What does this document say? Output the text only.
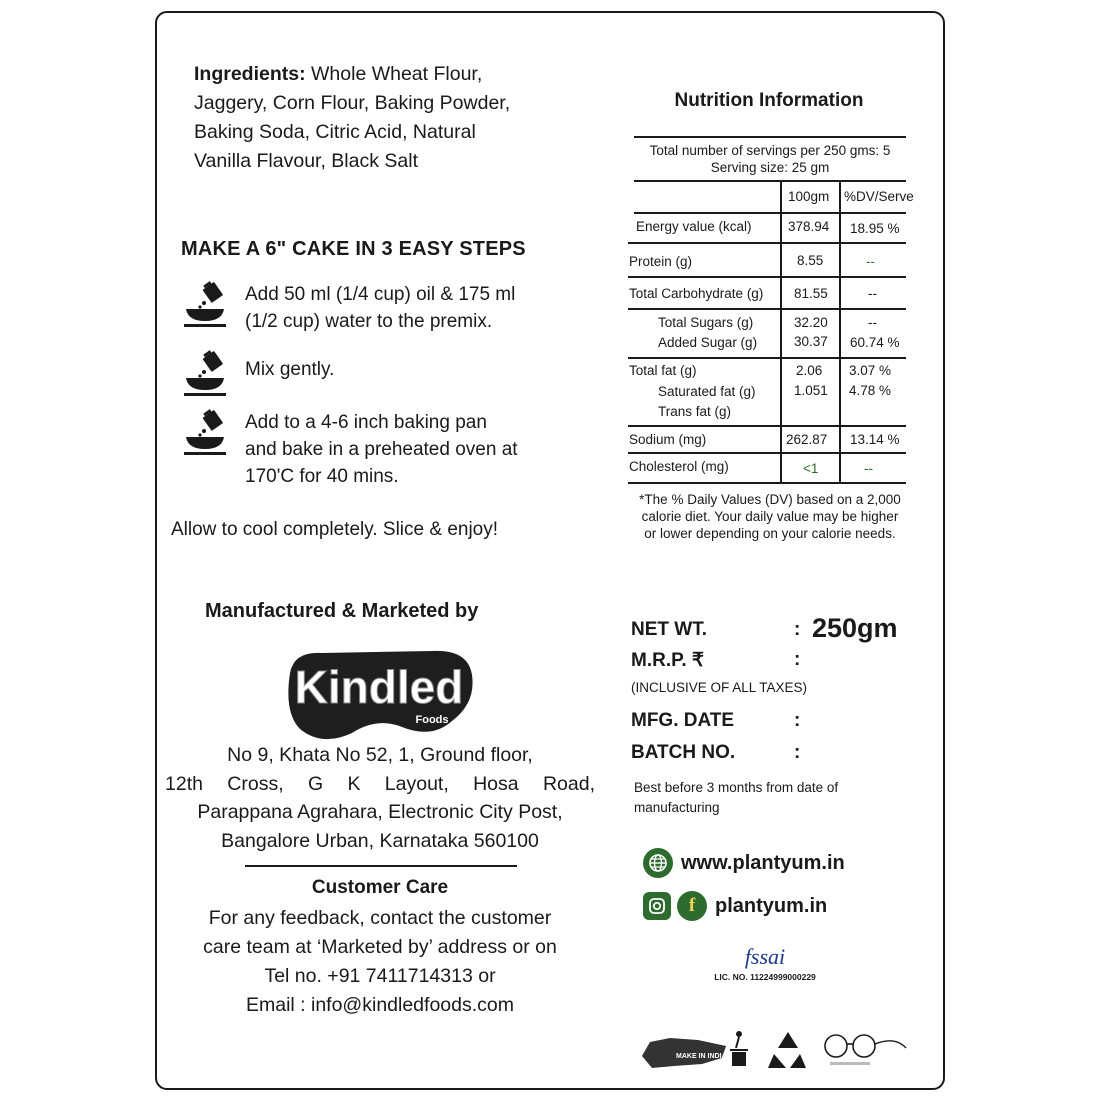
Ingredients: Whole Wheat Flour,
Jaggery, Corn Flour, Baking Powder,
Baking Soda, Citric Acid, Natural
Vanilla Flavour, Black Salt
MAKE A 6" CAKE IN 3 EASY STEPS
Add 50 ml (1/4 cup) oil & 175 ml
(1/2 cup) water to the premix.
Mix gently.
Add to a 4-6 inch baking pan
and bake in a preheated oven at
170'C for 40 mins.
Allow to cool completely. Slice & enjoy!
Manufactured & Marketed by
Kindled
Foods
No 9, Khata No 52, 1, Ground floor,
12th Cross, G K Layout, Hosa Road,
Parappana Agrahara, Electronic City Post,
Bangalore Urban, Karnataka 560100
Customer Care
For any feedback, contact the customer
care team at ‘Marketed by’ address or on
Tel no. +91 7411714313 or
Email : info@kindledfoods.com
Nutrition Information
Total number of servings per 250 gms: 5
Serving size: 25 gm
100gm %DV/Serve
Energy value (kcal)	378.94 18.95 %
Protein (g)	8.55	--
Total Carbohydrate (g) 81.55	--
Total Sugars (g)	32.20	--
Added Sugar (g)	30.37 60.74 %
Total fat (g)	2.06 3.07 %
Saturated fat (g)	1.051 4.78 %
Trans fat (g)
Sodium (mg)	262.87 13.14 %
Cholesterol (mg)	<1	--
*The % Daily Values (DV) based on a 2,000
calorie diet. Your daily value may be higher
or lower depending on your calorie needs.
NET WT.	: 250gm
M.R.P. ₹	:
(INCLUSIVE OF ALL TAXES)
MFG. DATE	:
BATCH NO.	:
Best before 3 months from date of manufacturing
www.plantyum.in
f plantyum.in
fssai
LIC. NO. 11224999000229
MAKE IN INDIA	7
